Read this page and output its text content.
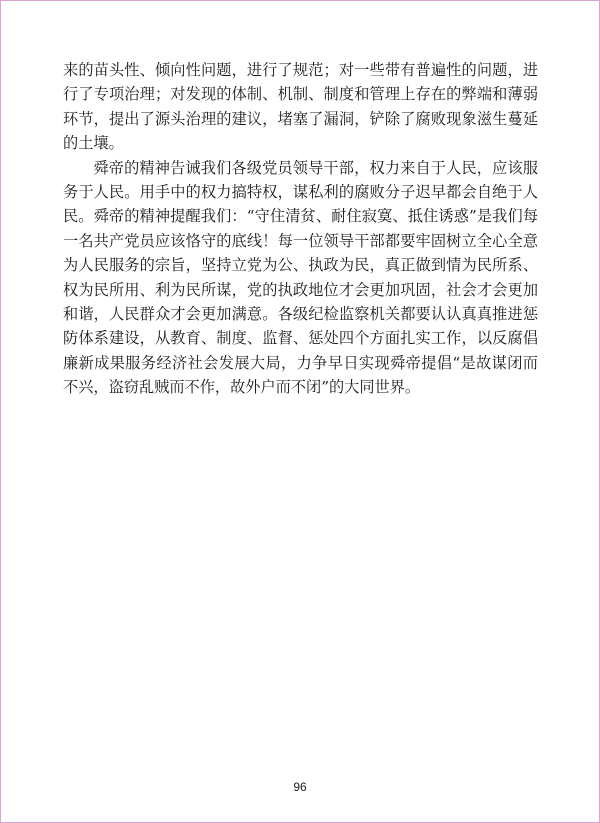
来的苗头性、倾向性问题，进行了规范；对一些带有普遍性的问题，进行了专项治理；对发现的体制、机制、制度和管理上存在的弊端和薄弱环节，提出了源头治理的建议，堵塞了漏洞，铲除了腐败现象滋生蔓延的土壤。

舜帝的精神告诫我们各级党员领导干部，权力来自于人民，应该服务于人民。用手中的权力搞特权，谋私利的腐败分子迟早都会自绝于人民。舜帝的精神提醒我们：“守住清贫、耐住寂寞、抵住诱惑”是我们每一名共产党员应该恪守的底线！每一位领导干部都要牢固树立全心全意为人民服务的宗旨，坚持立党为公、执政为民，真正做到情为民所系、权为民所用、利为民所谋，党的执政地位才会更加巩固，社会才会更加和谐，人民群众才会更加满意。各级纪检监察机关都要认认真真推进惩防体系建设，从教育、制度、监督、惩处四个方面扎实工作，以反腐倡廉新成果服务经济社会发展大局，力争早日实现舜帝提倡“是故谋闭而不兴，盗窃乱贼而不作，故外户而不闭”的大同世界。

96
